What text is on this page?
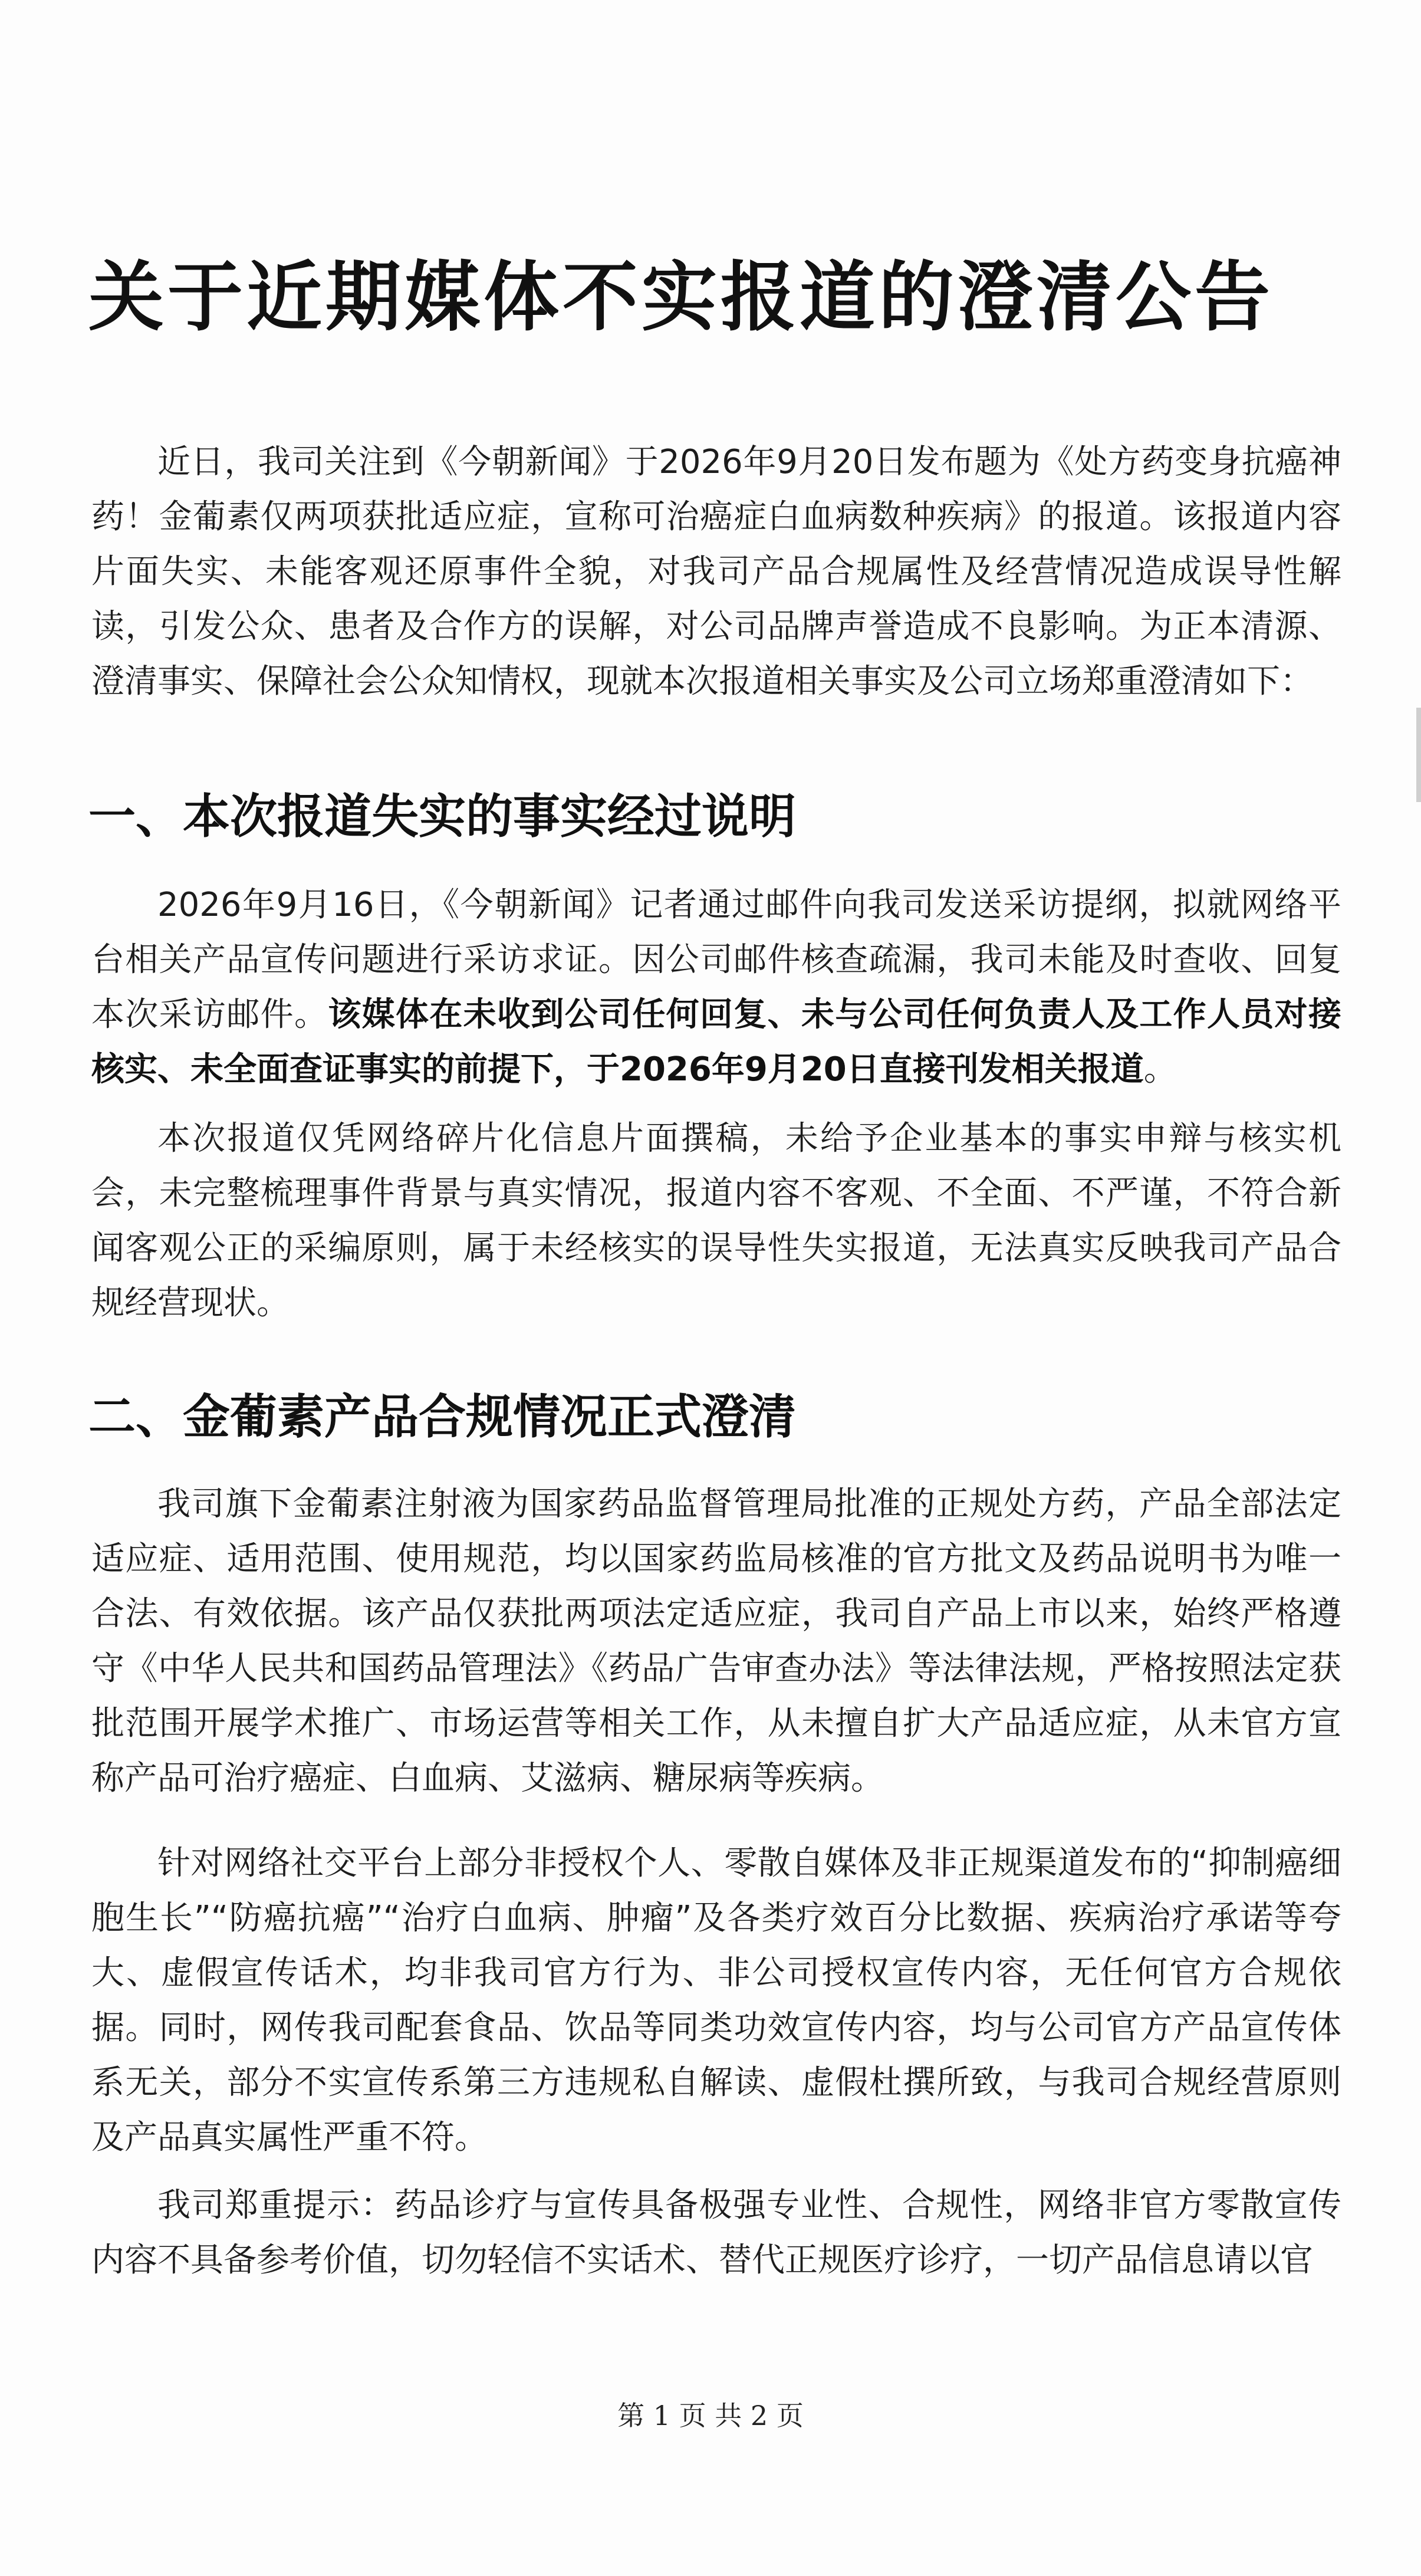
关于近期媒体不实报道的澄清公告

近日，我司关注到《今朝新闻》于2026年9月20日发布题为《处方药变身抗癌神药！金葡素仅两项获批适应症，宣称可治癌症白血病数种疾病》的报道。该报道内容片面失实、未能客观还原事件全貌，对我司产品合规属性及经营情况造成误导性解读，引发公众、患者及合作方的误解，对公司品牌声誉造成不良影响。为正本清源、澄清事实、保障社会公众知情权，现就本次报道相关事实及公司立场郑重澄清如下：

一、本次报道失实的事实经过说明

2026年9月16日，《今朝新闻》记者通过邮件向我司发送采访提纲，拟就网络平台相关产品宣传问题进行采访求证。因公司邮件核查疏漏，我司未能及时查收、回复本次采访邮件。该媒体在未收到公司任何回复、未与公司任何负责人及工作人员对接核实、未全面查证事实的前提下，于2026年9月20日直接刊发相关报道。

本次报道仅凭网络碎片化信息片面撰稿，未给予企业基本的事实申辩与核实机会，未完整梳理事件背景与真实情况，报道内容不客观、不全面、不严谨，不符合新闻客观公正的采编原则，属于未经核实的误导性失实报道，无法真实反映我司产品合规经营现状。

二、金葡素产品合规情况正式澄清

我司旗下金葡素注射液为国家药品监督管理局批准的正规处方药，产品全部法定适应症、适用范围、使用规范，均以国家药监局核准的官方批文及药品说明书为唯一合法、有效依据。该产品仅获批两项法定适应症，我司自产品上市以来，始终严格遵守《中华人民共和国药品管理法》《药品广告审查办法》等法律法规，严格按照法定获批范围开展学术推广、市场运营等相关工作，从未擅自扩大产品适应症，从未官方宣称产品可治疗癌症、白血病、艾滋病、糖尿病等疾病。

针对网络社交平台上部分非授权个人、零散自媒体及非正规渠道发布的“抑制癌细胞生长”“防癌抗癌”“治疗白血病、肿瘤”及各类疗效百分比数据、疾病治疗承诺等夸大、虚假宣传话术，均非我司官方行为、非公司授权宣传内容，无任何官方合规依据。同时，网传我司配套食品、饮品等同类功效宣传内容，均与公司官方产品宣传体系无关，部分不实宣传系第三方违规私自解读、虚假杜撰所致，与我司合规经营原则及产品真实属性严重不符。

我司郑重提示：药品诊疗与宣传具备极强专业性、合规性，网络非官方零散宣传内容不具备参考价值，切勿轻信不实话术、替代正规医疗诊疗，一切产品信息请以官

第 1 页 共 2 页
